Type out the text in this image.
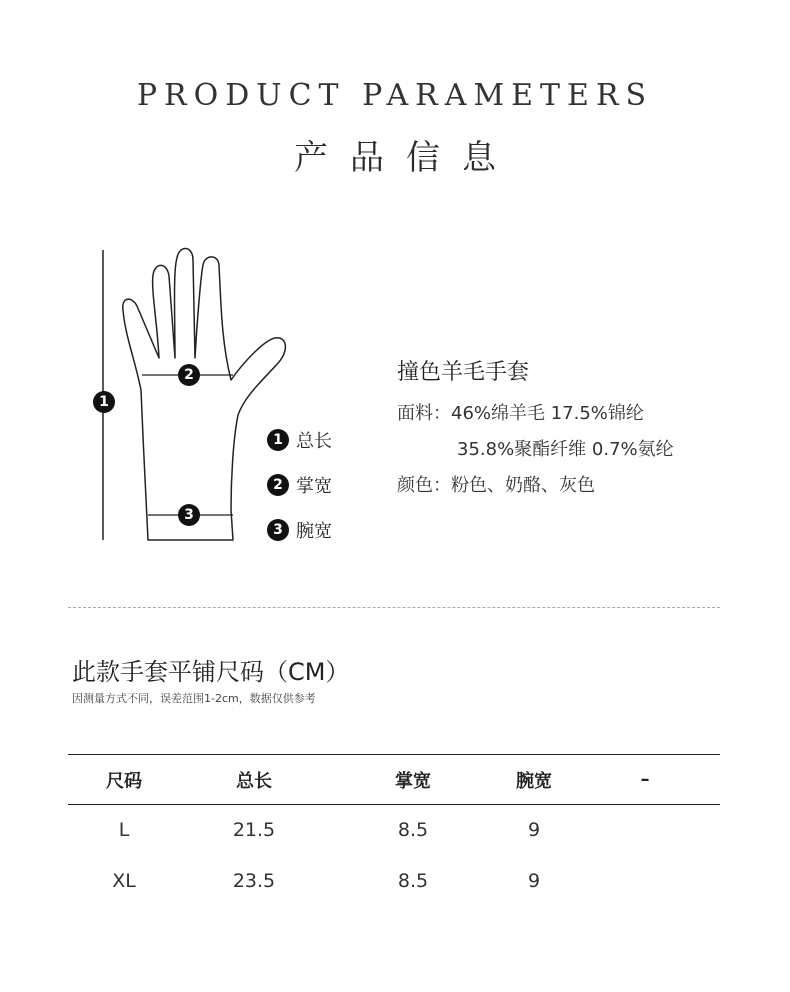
PRODUCT PARAMETERS
产品信息
1
2
3
1 总长
2 掌宽
3 腕宽
撞色羊毛手套
面料：46%绵羊毛 17.5%锦纶
35.8%聚酯纤维 0.7%氨纶
颜色：粉色、奶酪、灰色
此款手套平铺尺码（CM）
因测量方式不同，误差范围1-2cm，数据仅供参考
尺码	总长	掌宽	腕宽	–
L	21.5	8.5	9	
XL	23.5	8.5	9	
